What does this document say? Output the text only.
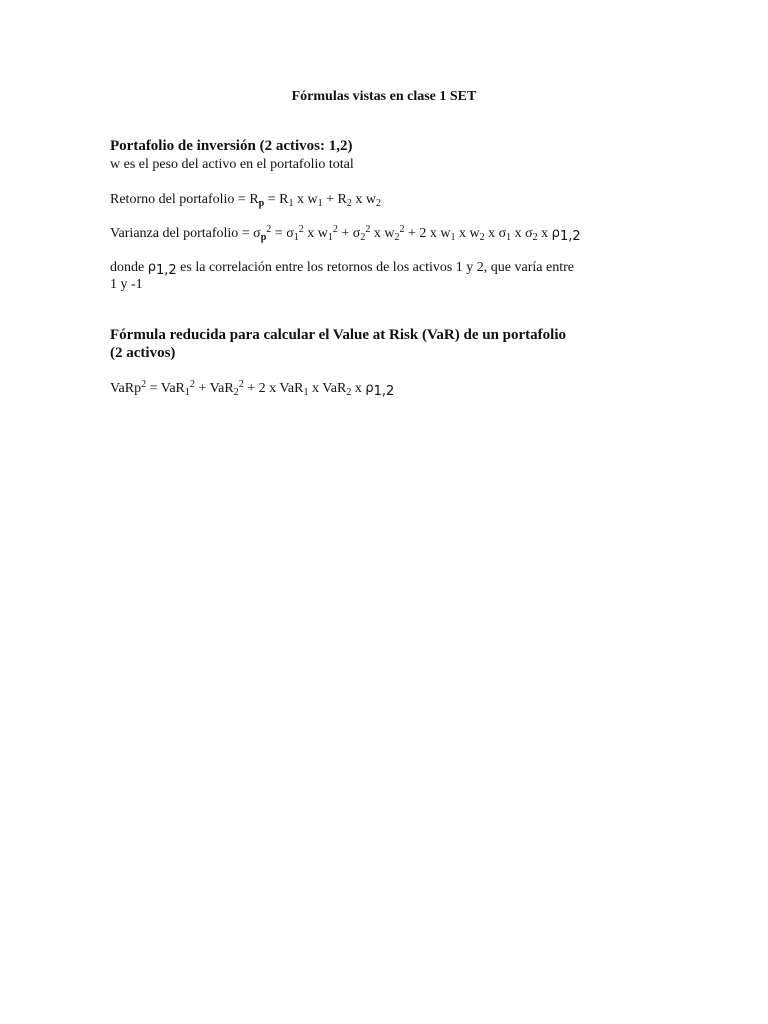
Fórmulas vistas en clase 1 SET
Portafolio de inversión (2 activos: 1,2)
w es el peso del activo en el portafolio total
Retorno del portafolio = $R_p = R_1$ x $w_1 + R_2$ x $w_2$
Varianza del portafolio = $\sigma_p^2 = \sigma_1^2$ x $w_1^2 + \sigma_2^2$ x $w_2^2 + 2$ x $w_1$ x $w_2$ x $\sigma_1$ x $\sigma_2$ x ρ1,2
donde ρ1,2 es la correlación entre los retornos de los activos 1 y 2, que varía entre
1 y -1
Fórmula reducida para calcular el Value at Risk (VaR) de un portafolio
(2 activos)
VaRp$^2$ = VaR$_1^2$ + VaR$_2^2$ + 2 x VaR$_1$ x VaR$_2$ x ρ1,2
